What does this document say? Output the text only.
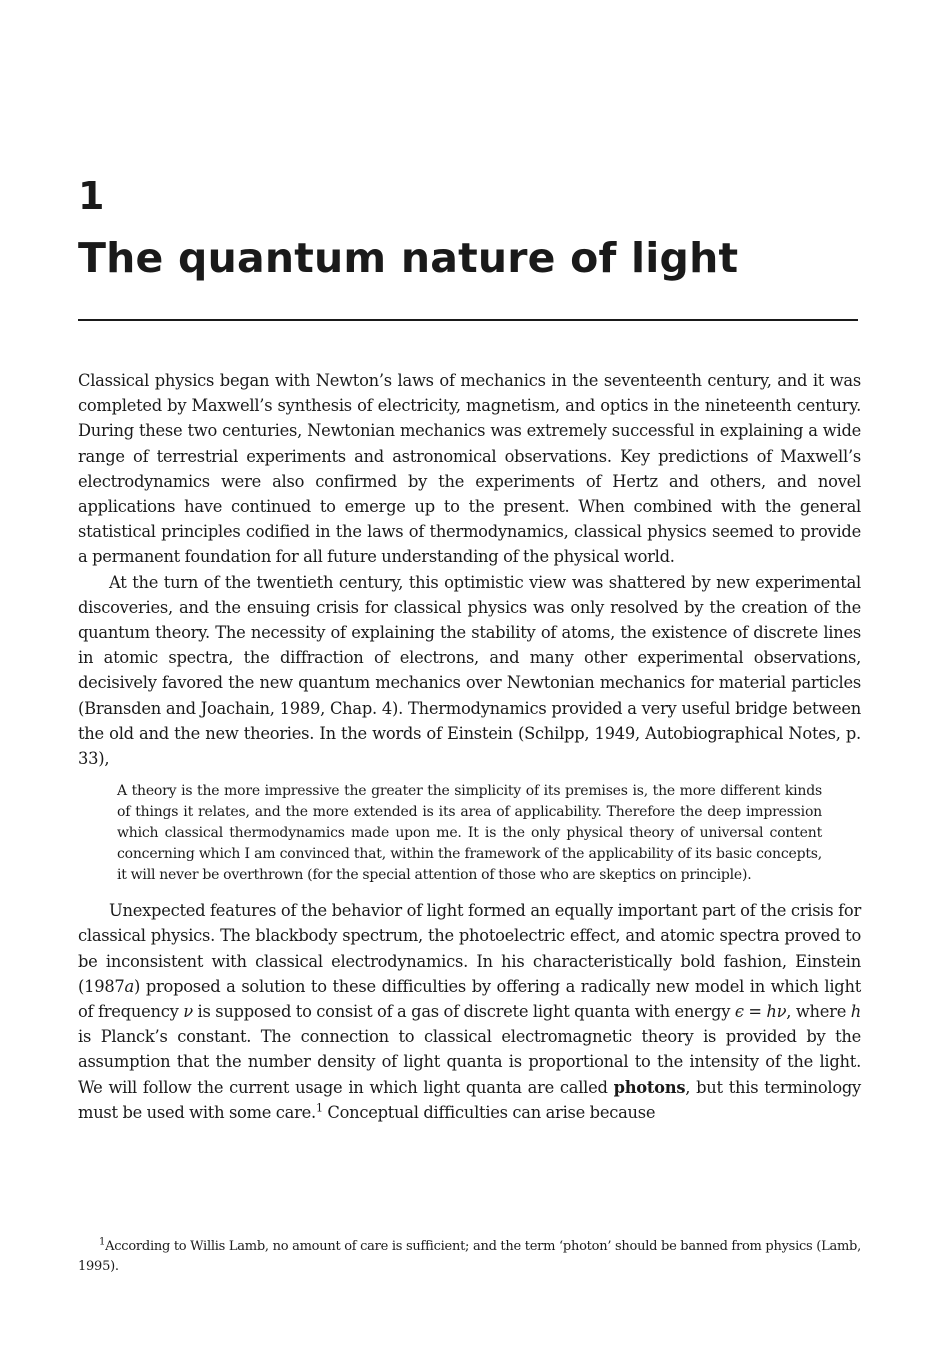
1
The quantum nature of light

Classical physics began with Newton’s laws of mechanics in the seventeenth century, and it was completed by Maxwell’s synthesis of electricity, magnetism, and optics in the nineteenth century. During these two centuries, Newtonian mechanics was extremely successful in explaining a wide range of terrestrial experiments and astronomical observations. Key predictions of Maxwell’s electrodynamics were also confirmed by the experiments of Hertz and others, and novel applications have continued to emerge up to the present. When combined with the general statistical principles codified in the laws of thermodynamics, classical physics seemed to provide a permanent foundation for all future understanding of the physical world.

At the turn of the twentieth century, this optimistic view was shattered by new experimental discoveries, and the ensuing crisis for classical physics was only resolved by the creation of the quantum theory. The necessity of explaining the stability of atoms, the existence of discrete lines in atomic spectra, the diffraction of electrons, and many other experimental observations, decisively favored the new quantum mechanics over Newtonian mechanics for material particles (Bransden and Joachain, 1989, Chap. 4). Thermodynamics provided a very useful bridge between the old and the new theories. In the words of Einstein (Schilpp, 1949, Autobiographical Notes, p. 33),

A theory is the more impressive the greater the simplicity of its premises is, the more different kinds of things it relates, and the more extended is its area of applicability. Therefore the deep impression which classical thermodynamics made upon me. It is the only physical theory of universal content concerning which I am convinced that, within the framework of the applicability of its basic concepts, it will never be overthrown (for the special attention of those who are skeptics on principle).

Unexpected features of the behavior of light formed an equally important part of the crisis for classical physics. The blackbody spectrum, the photoelectric effect, and atomic spectra proved to be inconsistent with classical electrodynamics. In his characteristically bold fashion, Einstein (1987a) proposed a solution to these difficulties by offering a radically new model in which light of frequency ν is supposed to consist of a gas of discrete light quanta with energy ϵ = hν, where h is Planck’s constant. The connection to classical electromagnetic theory is provided by the assumption that the number density of light quanta is proportional to the intensity of the light. We will follow the current usage in which light quanta are called photons, but this terminology must be used with some care.$^1$ Conceptual difficulties can arise because

$^1$According to Willis Lamb, no amount of care is sufficient; and the term ‘photon’ should be banned from physics (Lamb, 1995).
